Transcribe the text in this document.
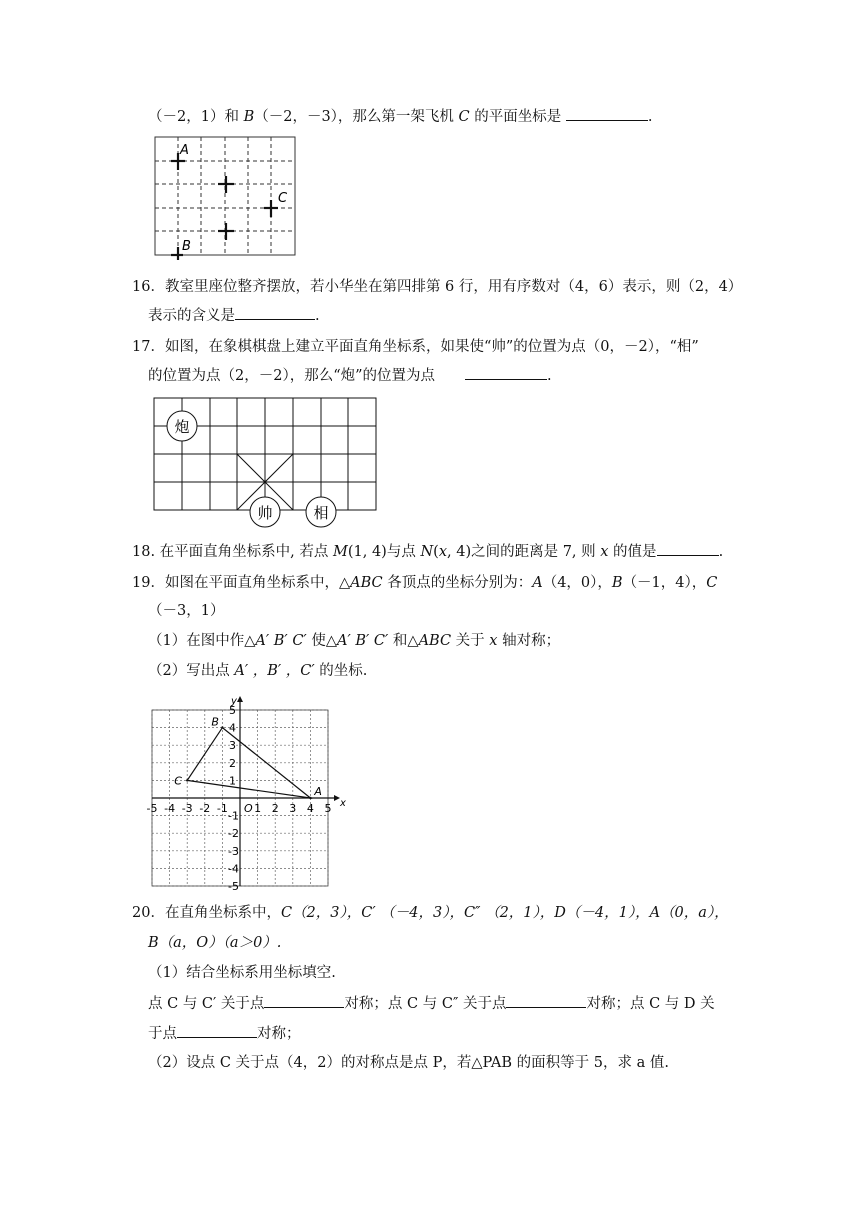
（－2，1）和 B（－2，－3），那么第一架飞机 C 的平面坐标是	.
A
C
B
16．教室里座位整齐摆放，若小华坐在第四排第 6 行，用有序数对（4，6）表示，则（2，4）
表示的含义是	.
17．如图，在象棋棋盘上建立平面直角坐标系，如果使“帅”的位置为点（0，－2），“相”
的位置为点（2，－2），那么“炮”的位置为点	.
炮
帅	相
18. 在平面直角坐标系中, 若点 M(1, 4)与点 N(x, 4)之间的距离是 7, 则 x 的值是	.
19．如图在平面直角坐标系中，△ABC 各顶点的坐标分别为：A（4，0），B（－1，4），C
（－3，1）
（1）在图中作△A′ B′ C′ 使△A′ B′ C′ 和△ABC 关于 x 轴对称；
（2）写出点 A′ ，B′ ，C′ 的坐标.
x
y
-5 -4 -3 -2 -1 1 2 3 4 5
O
5
4
3
2
1
-1
-2
-3
-4
-5
A
B
C
20．在直角坐标系中，C（2，3），C′ （－4，3），C″ （2，1），D（－4，1），A（0，a），
B（a，O）（a＞0）.
（1）结合坐标系用坐标填空.
点 C 与 C′ 关于点	对称；点 C 与 C″ 关于点	对称；点 C 与 D 关
于点	对称；
（2）设点 C 关于点（4，2）的对称点是点 P，若△PAB 的面积等于 5，求 a 值.
